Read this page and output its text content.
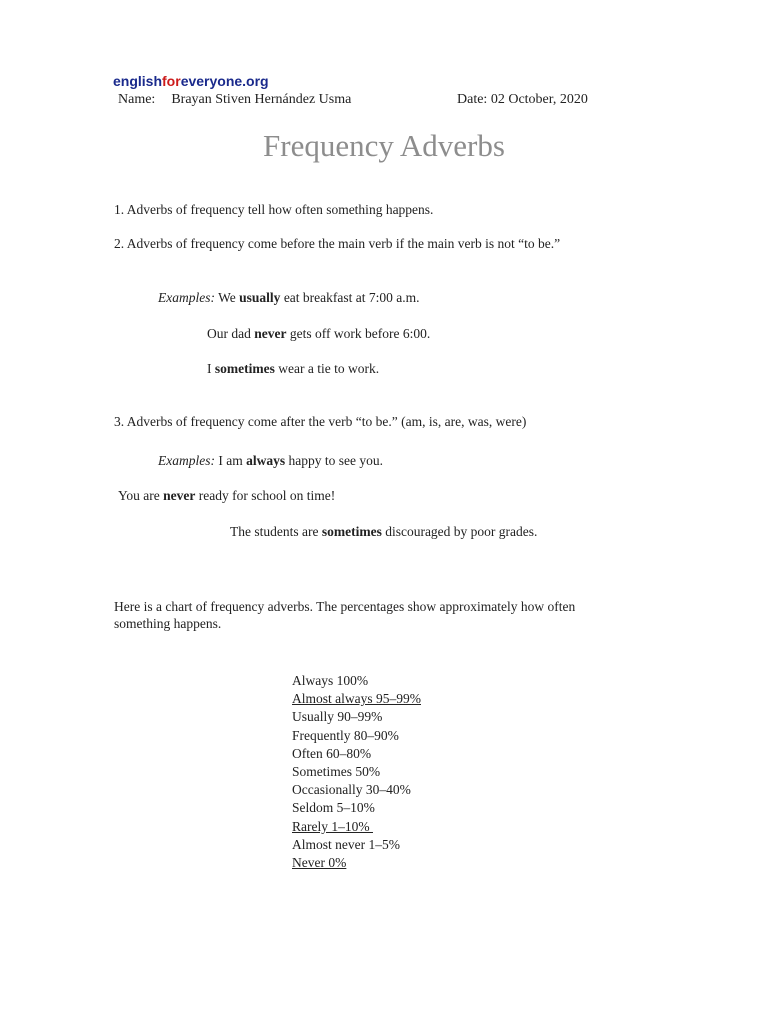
englishforeveryone.org
Name: Brayan Stiven Hernández Usma	Date: 02 October, 2020
Frequency Adverbs
1. Adverbs of frequency tell how often something happens.
2. Adverbs of frequency come before the main verb if the main verb is not “to be.”
Examples: We usually eat breakfast at 7:00 a.m.
Our dad never gets off work before 6:00.
I sometimes wear a tie to work.
3. Adverbs of frequency come after the verb “to be.” (am, is, are, was, were)
Examples: I am always happy to see you.
You are never ready for school on time!
The students are sometimes discouraged by poor grades.
Here is a chart of frequency adverbs. The percentages show approximately how often
something happens.
Always 100%
Almost always 95–99%
Usually 90–99%
Frequently 80–90%
Often 60–80%
Sometimes 50%
Occasionally 30–40%
Seldom 5–10%
Rarely 1–10%
Almost never 1–5%
Never 0%
